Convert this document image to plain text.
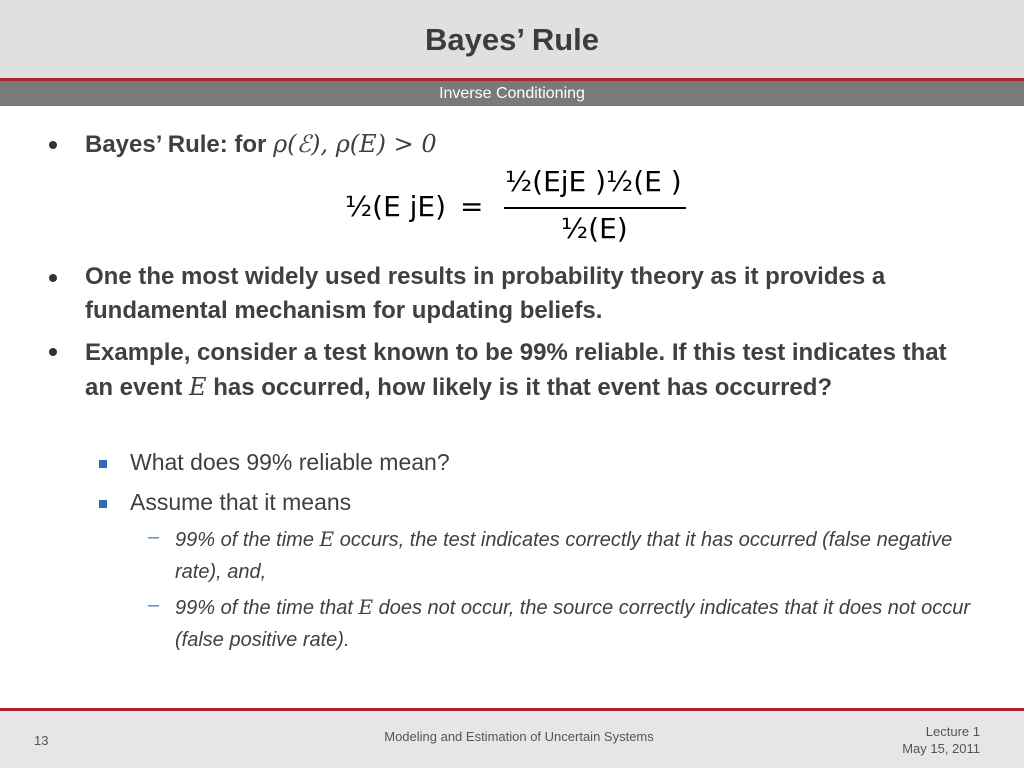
Bayes’ Rule
Inverse Conditioning
Bayes’ Rule: for ρ(ℰ), ρ(E) > 0
½(E jE) =
½(EjE )½(E )
½(E)
One the most widely used results in probability theory as it provides a fundamental mechanism for updating beliefs.
Example, consider a test known to be 99% reliable. If this test indicates that an event E has occurred, how likely is it that event has occurred?
What does 99% reliable mean?
Assume that it means
– 99% of the time E occurs, the test indicates correctly that it has occurred (false negative rate), and,
– 99% of the time that E does not occur, the source correctly indicates that it does not occur (false positive rate).
13	Modeling and Estimation of Uncertain Systems	Lecture 1
May 15, 2011
